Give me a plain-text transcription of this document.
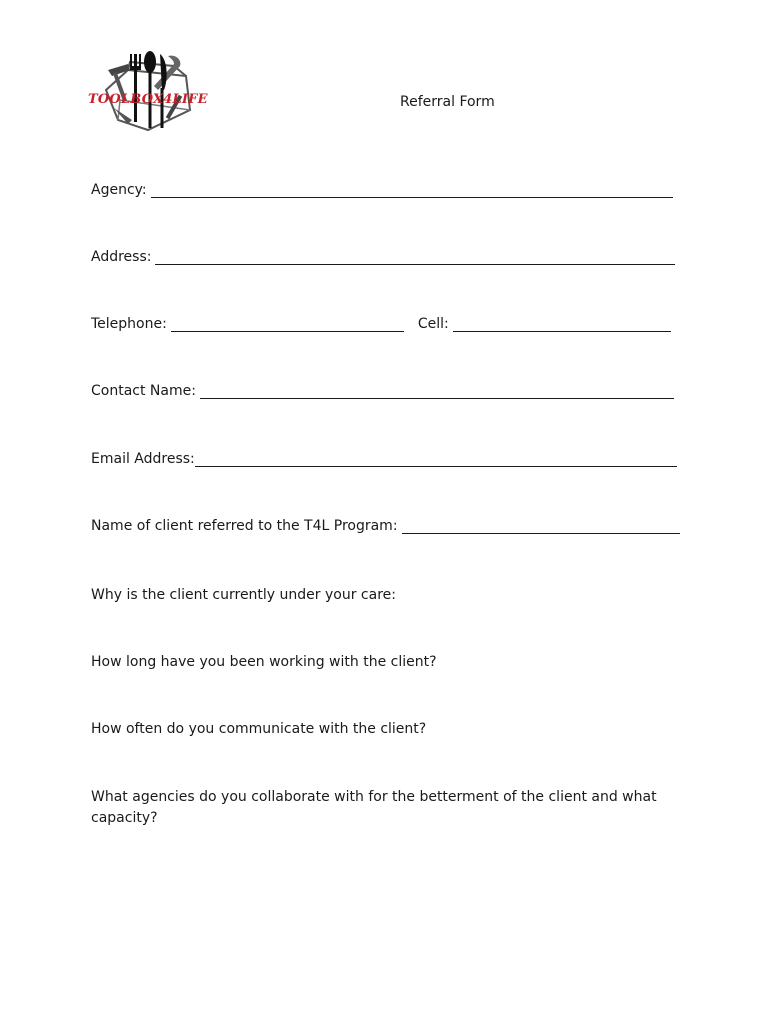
TOOLBOX4LIFE	Referral Form
Agency:
Address:
Telephone:	Cell:
Contact Name:
Email Address:
Name of client referred to the T4L Program:
Why is the client currently under your care:
How long have you been working with the client?
How often do you communicate with the client?
What agencies do you collaborate with for the betterment of the client and what capacity?
